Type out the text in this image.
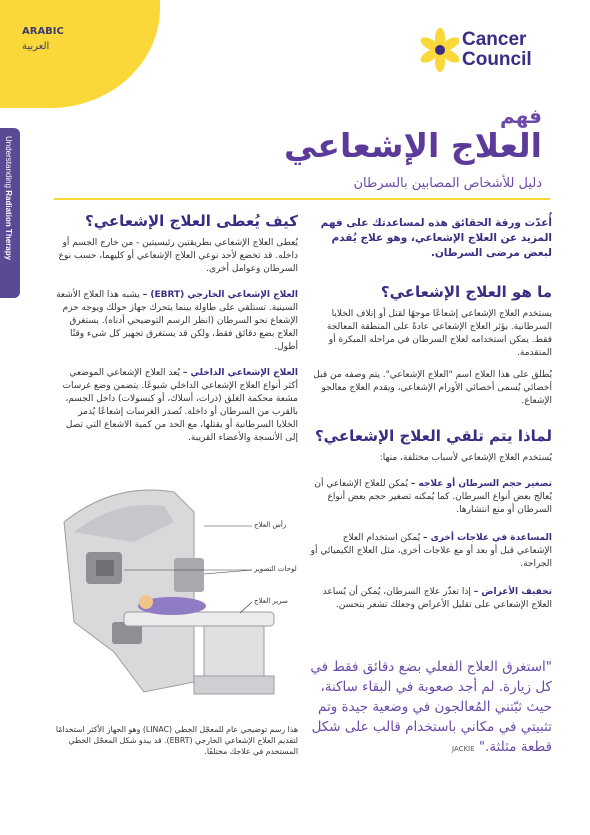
ARABIC
العربية	Cancer
Council
Understanding Radiation Therapy
فهم
العلاج الإشعاعي
دليل للأشخاص المصابين بالسرطان
أُعدّت ورقة الحقائق هذه لمساعدتك على فهم المزيد عن العلاج الإشعاعي، وهو علاج يُقدم لبعض مرضى السرطان.
ما هو العلاج الإشعاعي؟

يستخدم العلاج الإشعاعي إشعاعًا موجهًا لقتل أو إتلاف الخلايا السرطانية. يؤثر العلاج الإشعاعي عادةً على المنطقة المعالجة فقط. يمكن استخدامه لعلاج السرطان في مراحله المبكرة أو المتقدمة.

يُطلق على هذا العلاج اسم "العلاج الإشعاعي". يتم وصفه من قبل أخصائي يُسمى أخصائي الأورام الإشعاعي، ويقدم العلاج معالجو الإشعاع.

لماذا يتم تلقي العلاج الإشعاعي؟

يُستخدم العلاج الإشعاعي لأسباب مختلفة، منها:

تصغير حجم السرطان أو علاجه – يُمكن للعلاج الإشعاعي أن يُعالج بعض أنواع السرطان. كما يُمكنه تصغير حجم بعض أنواع السرطان أو منع انتشارها.

المساعدة في علاجات أخرى – يُمكن استخدام العلاج الإشعاعي قبل أو بعد أو مع علاجات أخرى، مثل العلاج الكيميائي أو الجراحة.

تخفيف الأعراض – إذا تعذّر علاج السرطان، يُمكن أن يُساعد العلاج الإشعاعي على تقليل الأعراض وجعلك تشعر بتحسن.

كيف يُعطى العلاج الإشعاعي؟

يُعطى العلاج الإشعاعي بطريقتين رئيسيتين - من خارج الجسم أو داخله. قد تخضع لأحد نوعي العلاج الإشعاعي أو كليهما، حسب نوع السرطان وعوامل أخرى.

العلاج الإشعاعي الخارجي (EBRT) – يشبه هذا العلاج الأشعة السينية. تستلقي على طاولة بينما يتحرك جهاز حولك ويوجه حزم الإشعاع نحو السرطان (انظر الرسم التوضيحي أدناه). يستغرق العلاج بضع دقائق فقط، ولكن قد يستغرق تجهيز كل شيء وقتًا أطول.

العلاج الإشعاعي الداخلي – يُعد العلاج الإشعاعي الموضعي أكثر أنواع العلاج الإشعاعي الداخلي شيوعًا. يتضمن وضع غرسات مشعة محكمة الغلق (ذرات، أسلاك، أو كبسولات) داخل الجسم، بالقرب من السرطان أو داخله. تُصدر الغرسات إشعاعًا يُدمر الخلايا السرطانية أو يقتلها، مع الحد من كمية الاشعاع التي تصل إلى الأنسجة والأعضاء القريبة.

رأس العلاج
لوحات التصوير
سرير العلاج
هذا رسم توضيحي عام للمعجّل الخطي (LINAC) وهو الجهاز الأكثر استخدامًا لتقديم العلاج الإشعاعي الخارجي (EBRT). قد يبدو شكل المعجّل الخطي المستخدم في علاجك مختلفًا.
"استغرق العلاج الفعلي بضع دقائق فقط في كل زيارة. لم أجد صعوبة في البقاء ساكنة، حيث ثبّتني المُعالجون في وضعية جيدة وتم تثبيتي في مكاني باستخدام قالب على شكل قطعة مثلثة." JACKIE
